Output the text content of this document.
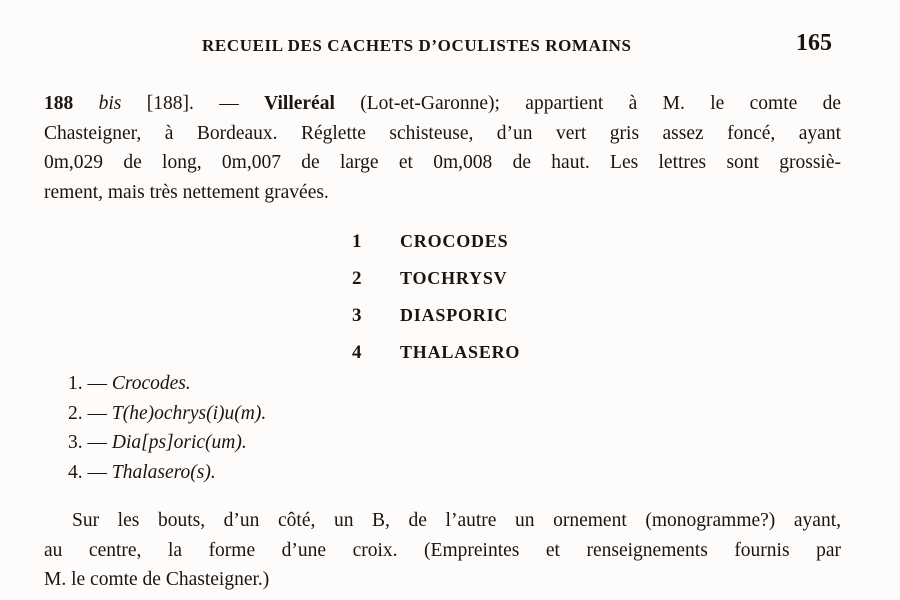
RECUEIL DES CACHETS D’OCULISTES ROMAINS	165
188 bis [188]. — Villeréal (Lot-et-Garonne); appartient à M. le comte de
Chasteigner, à Bordeaux. Réglette schisteuse, d’un vert gris assez foncé, ayant
0m,029 de long, 0m,007 de large et 0m,008 de haut. Les lettres sont grossiè-
rement, mais très nettement gravées.
1	CROCODES
2	TOCHRYSV
3	DIASPORIC
4	THALASERO
1. — Crocodes.
2. — T(he)ochrys(i)u(m).
3. — Dia[ps]oric(um).
4. — Thalasero(s).
Sur les bouts, d’un côté, un B, de l’autre un ornement (monogramme?) ayant,
au centre, la forme d’une croix. (Empreintes et renseignements fournis par
M. le comte de Chasteigner.)
